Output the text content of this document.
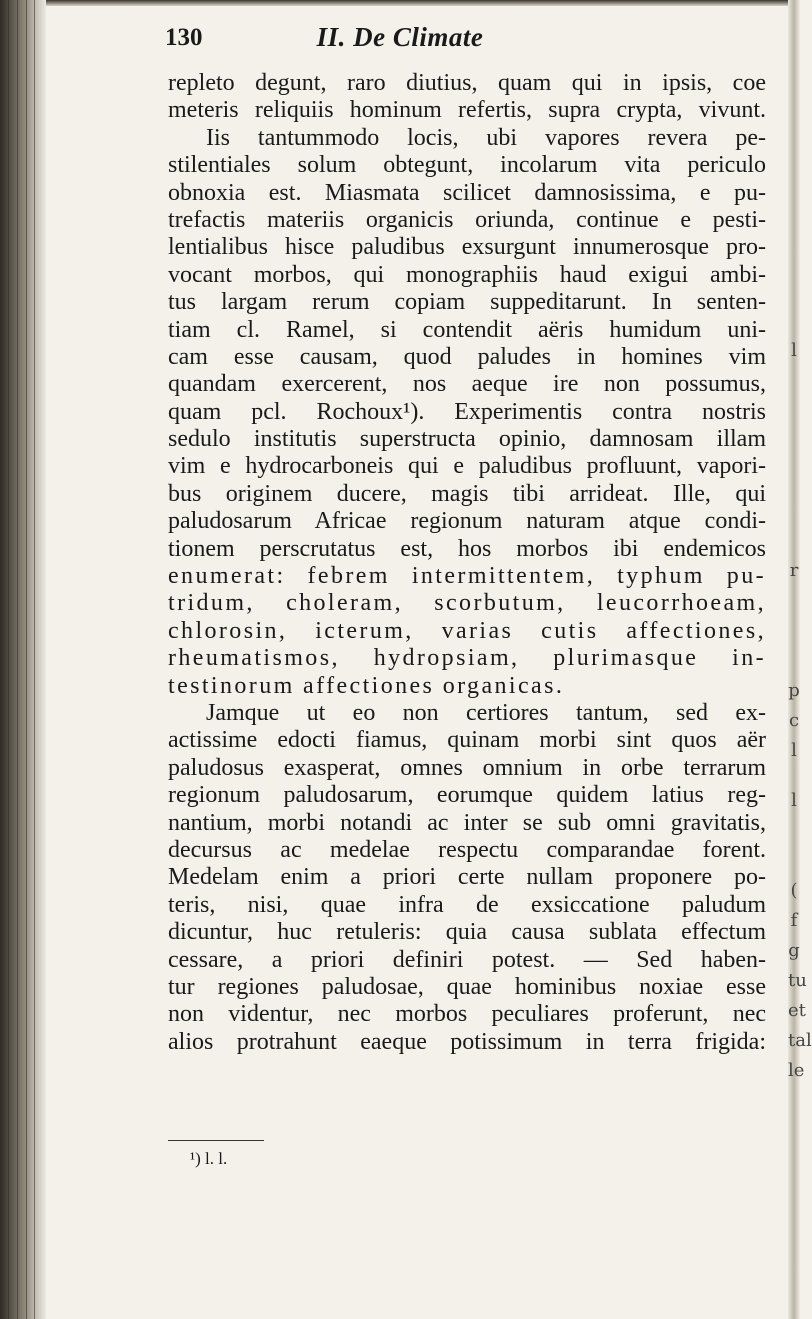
l
r
p
c
l
l
(
f
g
tu
et
tal
le
130	II. De Climate
repleto degunt, raro diutius, quam qui in ipsis, coe
meteris reliquiis hominum refertis, supra crypta, vivunt.
Iis tantummodo locis, ubi vapores revera pe-
stilentiales solum obtegunt, incolarum vita periculo
obnoxia est. Miasmata scilicet damnosissima, e pu-
trefactis materiis organicis oriunda, continue e pesti-
lentialibus hisce paludibus exsurgunt innumerosque pro-
vocant morbos, qui monographiis haud exigui ambi-
tus largam rerum copiam suppeditarunt. In senten-
tiam cl. Ramel, si contendit aëris humidum uni-
cam esse causam, quod paludes in homines vim
quandam exercerent, nos aeque ire non possumus,
quam pcl. Rochoux¹). Experimentis contra nostris
sedulo institutis superstructa opinio, damnosam illam
vim e hydrocarboneis qui e paludibus profluunt, vapori-
bus originem ducere, magis tibi arrideat. Ille, qui
paludosarum Africae regionum naturam atque condi-
tionem perscrutatus est, hos morbos ibi endemicos
enumerat: febrem intermittentem, typhum pu-
tridum, choleram, scorbutum, leucorrhoeam,
chlorosin, icterum, varias cutis affectiones,
rheumatismos, hydropsiam, plurimasque in-
testinorum affectiones organicas.
Jamque ut eo non certiores tantum, sed ex-
actissime edocti fiamus, quinam morbi sint quos aër
paludosus exasperat, omnes omnium in orbe terrarum
regionum paludosarum, eorumque quidem latius reg-
nantium, morbi notandi ac inter se sub omni gravitatis,
decursus ac medelae respectu comparandae forent.
Medelam enim a priori certe nullam proponere po-
teris, nisi, quae infra de exsiccatione paludum
dicuntur, huc retuleris: quia causa sublata effectum
cessare, a priori definiri potest. — Sed haben-
tur regiones paludosae, quae hominibus noxiae esse
non videntur, nec morbos peculiares proferunt, nec
alios protrahunt eaeque potissimum in terra frigida:
¹) l. l.
